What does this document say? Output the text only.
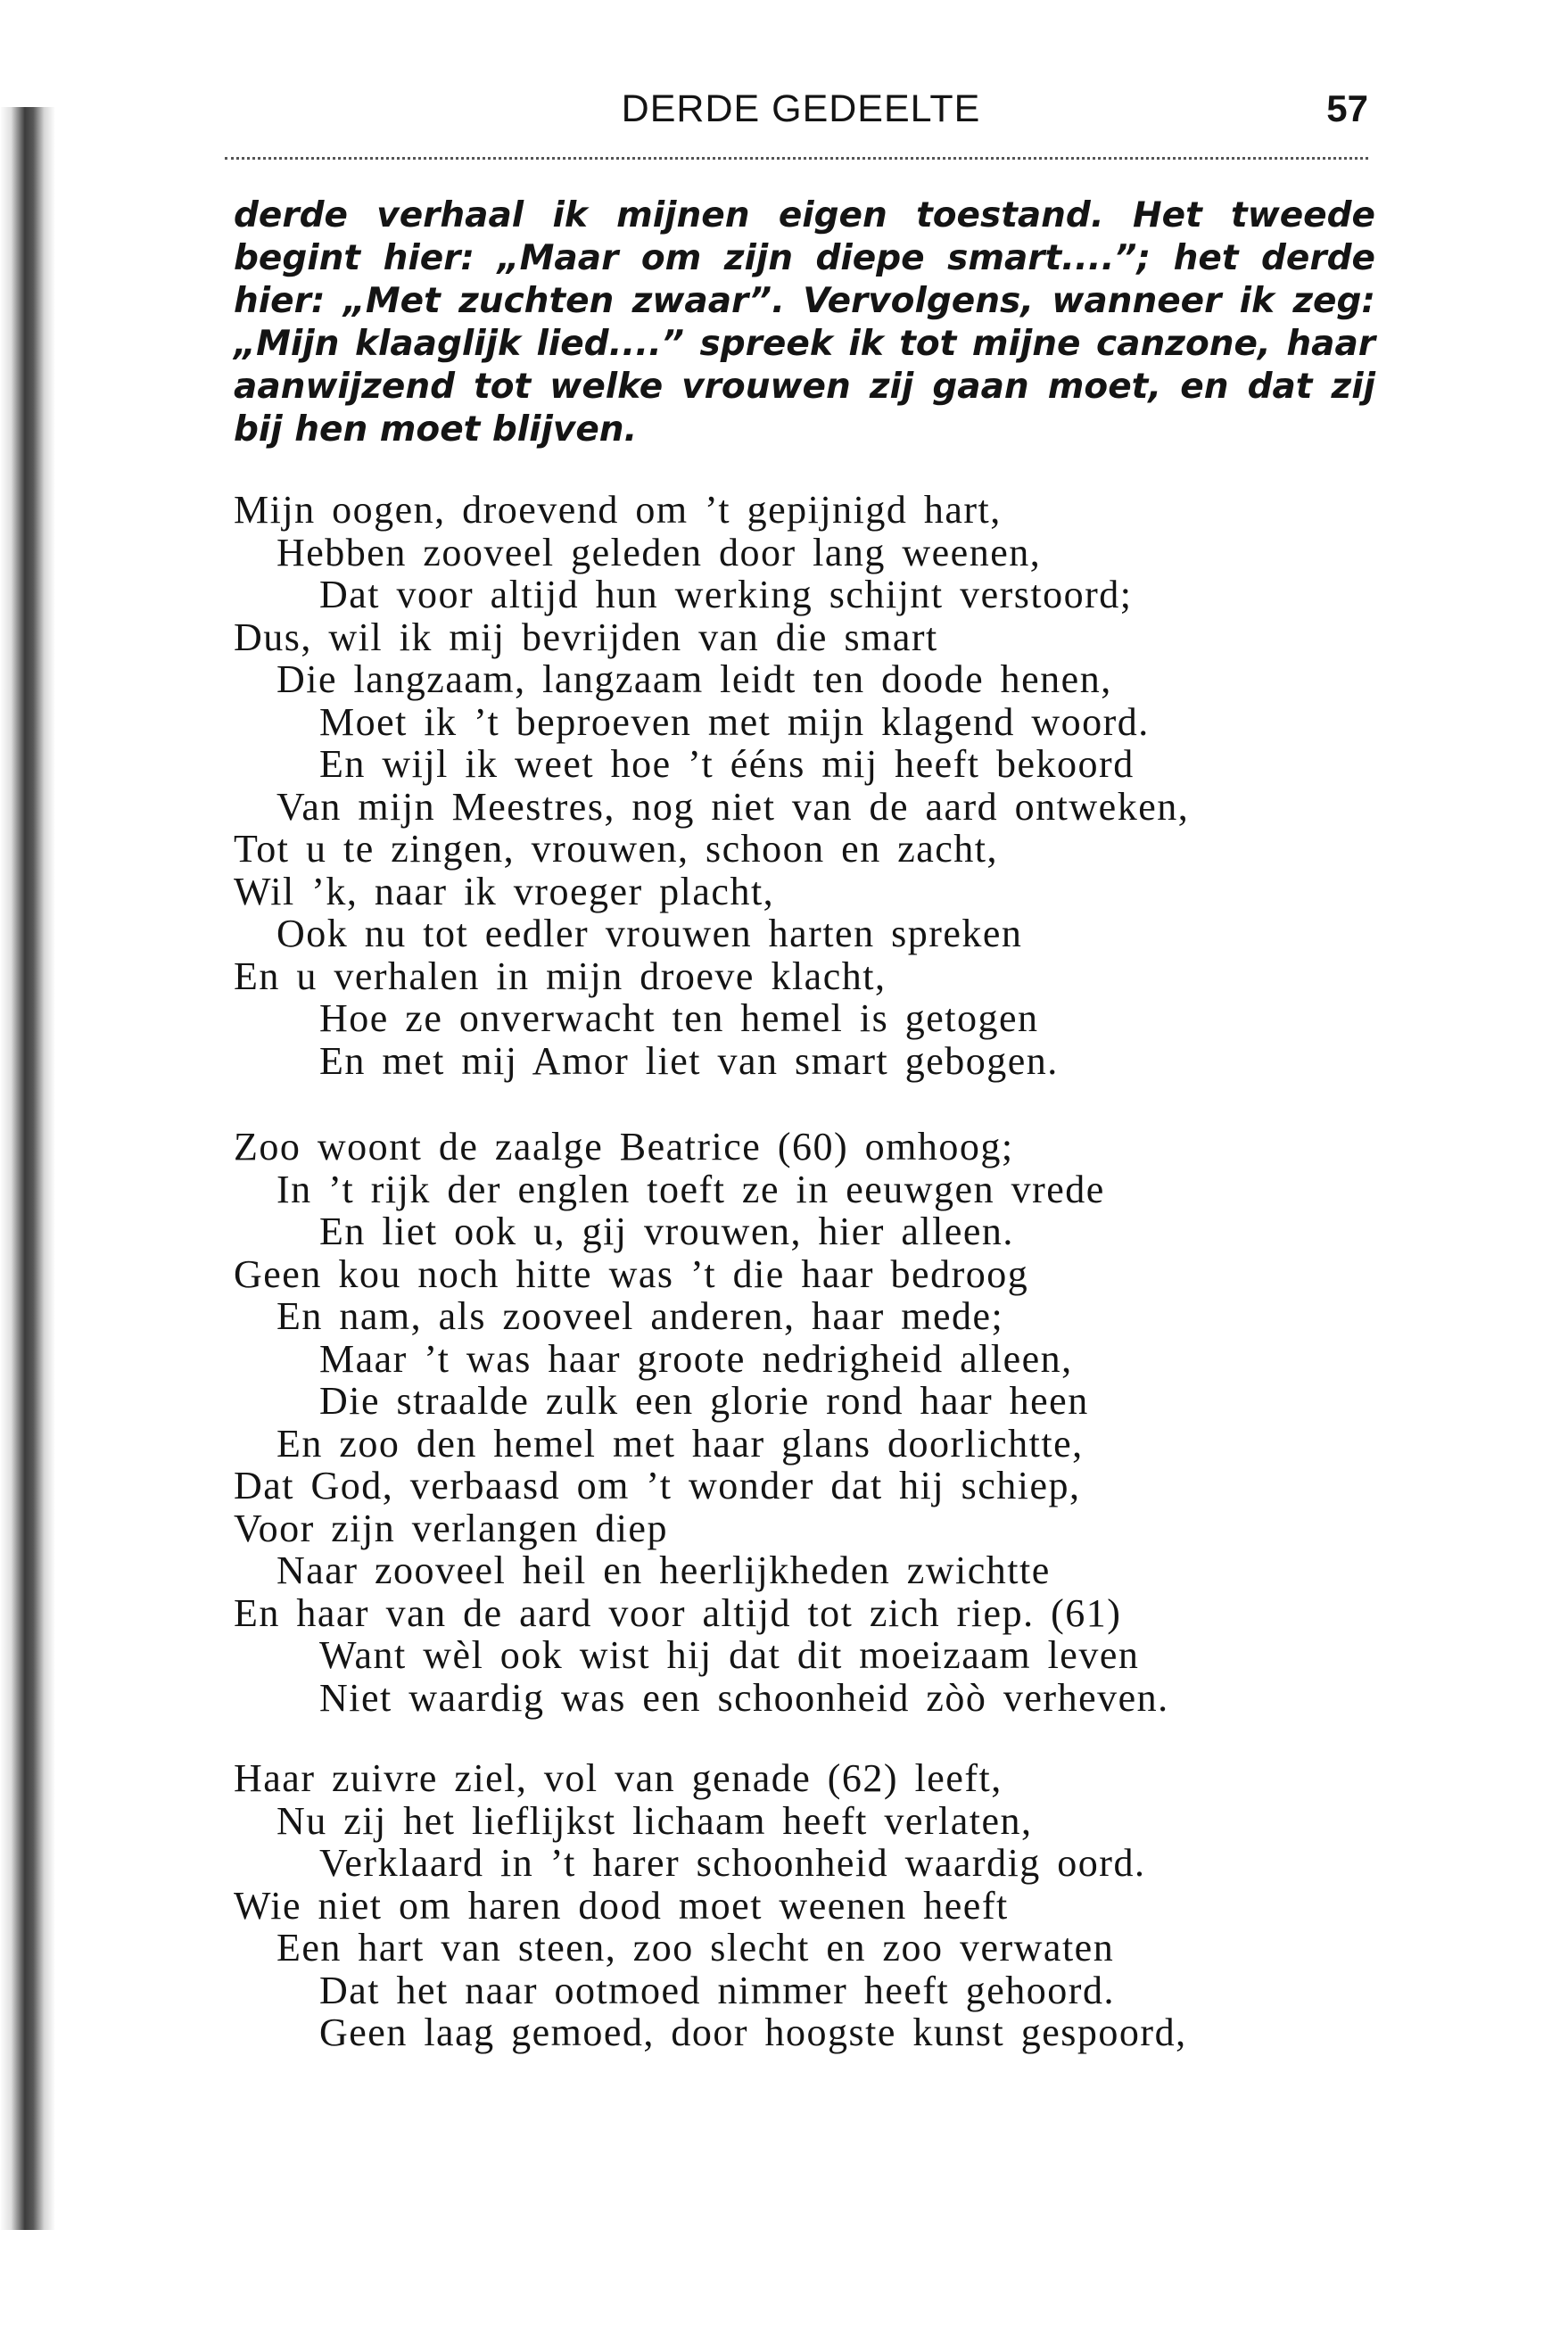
DERDE GEDEELTE	57

derde verhaal ik mijnen eigen toestand. Het tweede begint hier: „Maar om zijn diepe smart....”; het derde hier: „Met zuchten zwaar”. Vervolgens, wanneer ik zeg: „Mijn klaaglijk lied....” spreek ik tot mijne canzone, haar aanwijzend tot welke vrouwen zij gaan moet, en dat zij bij hen moet blijven.

Mijn oogen, droevend om ’t gepijnigd hart,
Hebben zooveel geleden door lang weenen,
Dat voor altijd hun werking schijnt verstoord;
Dus, wil ik mij bevrijden van die smart
Die langzaam, langzaam leidt ten doode henen,
Moet ik ’t beproeven met mijn klagend woord.
En wijl ik weet hoe ’t ééns mij heeft bekoord
Van mijn Meestres, nog niet van de aard ontweken,
Tot u te zingen, vrouwen, schoon en zacht,
Wil ’k, naar ik vroeger placht,
Ook nu tot eedler vrouwen harten spreken
En u verhalen in mijn droeve klacht,
Hoe ze onverwacht ten hemel is getogen
En met mij Amor liet van smart gebogen.
Zoo woont de zaalge Beatrice (60) omhoog;
In ’t rijk der englen toeft ze in eeuwgen vrede
En liet ook u, gij vrouwen, hier alleen.
Geen kou noch hitte was ’t die haar bedroog
En nam, als zooveel anderen, haar mede;
Maar ’t was haar groote nedrigheid alleen,
Die straalde zulk een glorie rond haar heen
En zoo den hemel met haar glans doorlichtte,
Dat God, verbaasd om ’t wonder dat hij schiep,
Voor zijn verlangen diep
Naar zooveel heil en heerlijkheden zwichtte
En haar van de aard voor altijd tot zich riep. (61)
Want wèl ook wist hij dat dit moeizaam leven
Niet waardig was een schoonheid zòò verheven.
Haar zuivre ziel, vol van genade (62) leeft,
Nu zij het lieflijkst lichaam heeft verlaten,
Verklaard in ’t harer schoonheid waardig oord.
Wie niet om haren dood moet weenen heeft
Een hart van steen, zoo slecht en zoo verwaten
Dat het naar ootmoed nimmer heeft gehoord.
Geen laag gemoed, door hoogste kunst gespoord,
